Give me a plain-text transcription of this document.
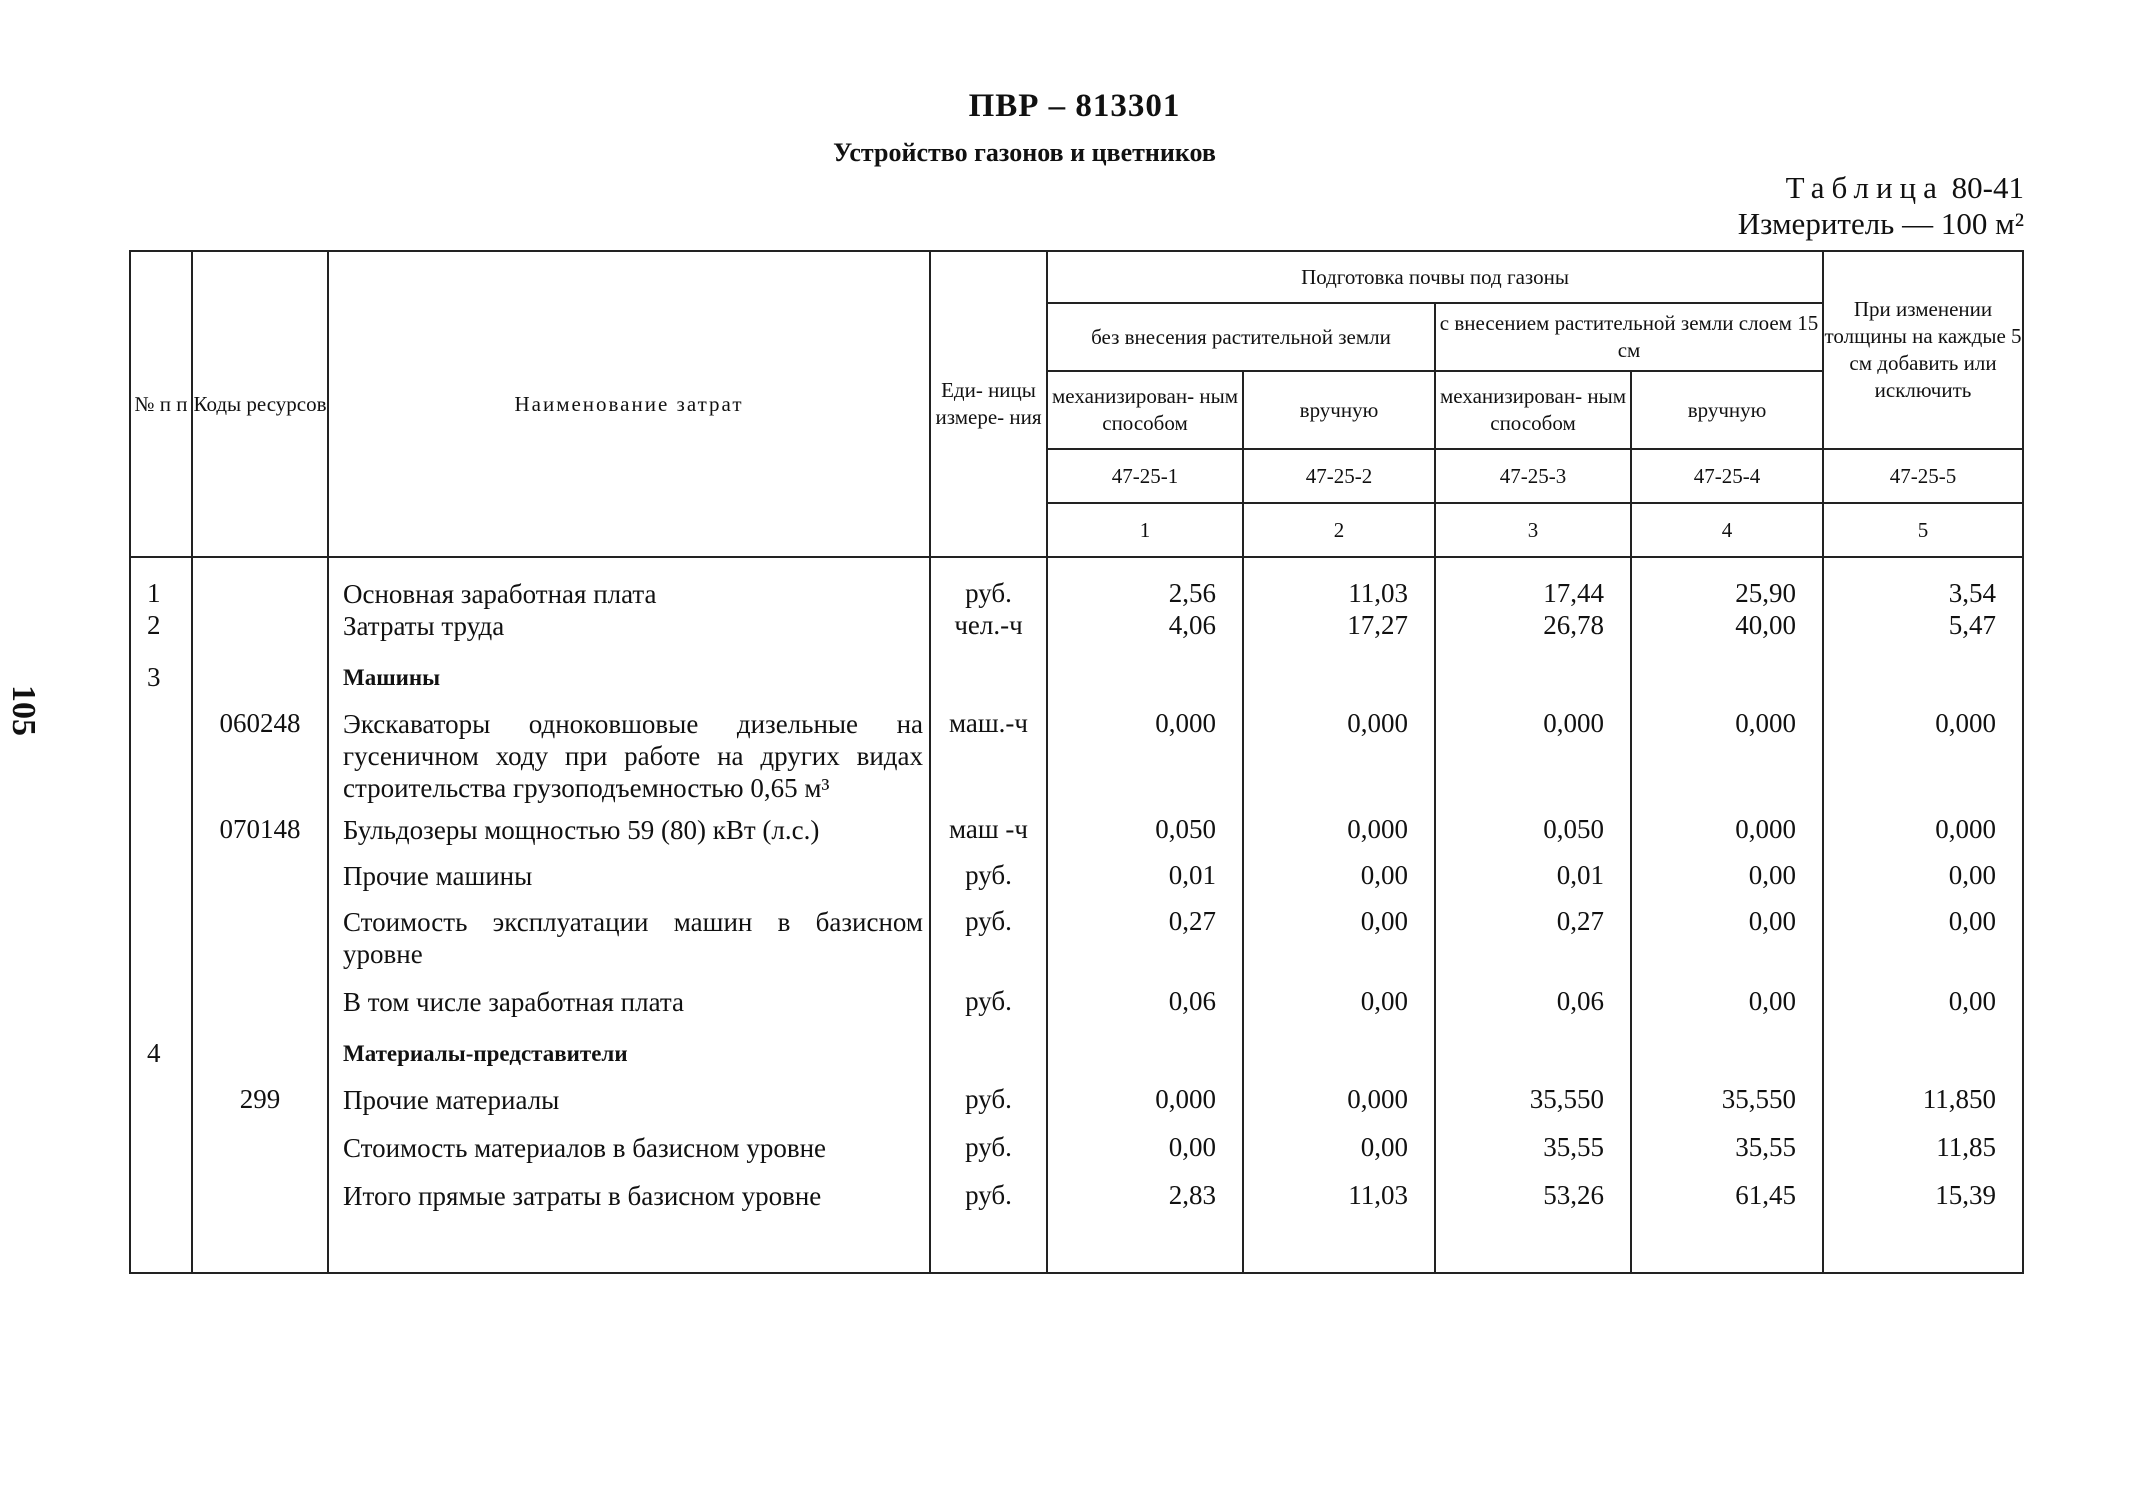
ПВР – 813301
Устройство газонов и цветников
Таблица 80-41
Измеритель — 100 м²
105
№ п п	Коды ресурсов	Наименование затрат	Еди- ницы измере- ния	Подготовка почвы под газоны				При изменении толщины на каждые 5 см добавить или исключить
				без внесения растительной земли		с внесением растительной земли слоем 15 см		
				механизирован- ным способом	вручную	механизирован- ным способом	вручную	
				47-25-1	47-25-2	47-25-3	47-25-4	47-25-5
				1	2	3	4	5
1		Основная заработная плата	руб.	2,56	11,03	17,44	25,90	3,54
2		Затраты труда	чел.-ч	4,06	17,27	26,78	40,00	5,47
3		Машины						
	060248	Экскаваторы одноковшовые дизельные на гусеничном ходу при работе на других видах строительства грузоподъемностью 0,65 м³	маш.-ч	0,000	0,000	0,000	0,000	0,000
	070148	Бульдозеры мощностью 59 (80) кВт (л.с.)	маш -ч	0,050	0,000	0,050	0,000	0,000
		Прочие машины	руб.	0,01	0,00	0,01	0,00	0,00
		Стоимость эксплуатации машин в базисном уровне	руб.	0,27	0,00	0,27	0,00	0,00
		В том числе заработная плата	руб.	0,06	0,00	0,06	0,00	0,00
4		Материалы-представители						
	299	Прочие материалы	руб.	0,000	0,000	35,550	35,550	11,850
		Стоимость материалов в базисном уровне	руб.	0,00	0,00	35,55	35,55	11,85
		Итого прямые затраты в базисном уровне	руб.	2,83	11,03	53,26	61,45	15,39
